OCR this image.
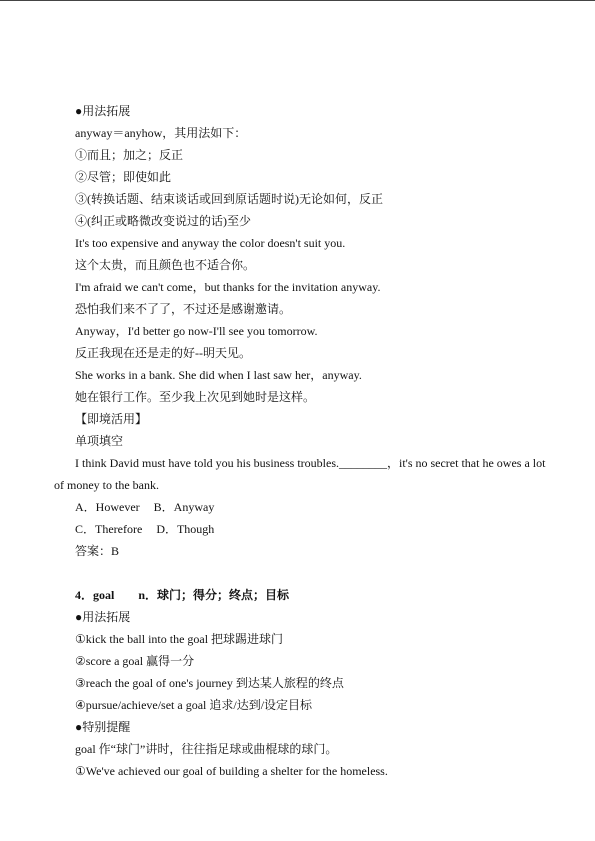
●用法拓展
anyway＝anyhow，其用法如下：
①而且；加之；反正
②尽管；即使如此
③(转换话题、结束谈话或回到原话题时说)无论如何，反正
④(纠正或略微改变说过的话)至少
It's too expensive and anyway the color doesn't suit you.
这个太贵，而且颜色也不适合你。
I'm afraid we can't come，but thanks for the invitation anyway.
恐怕我们来不了了，不过还是感谢邀请。
Anyway，I'd better go now-I'll see you tomorrow.
反正我现在还是走的好--明天见。
She works in a bank. She did when I last saw her，anyway.
她在银行工作。至少我上次见到她时是这样。
【即境活用】
单项填空
I think David must have told you his business troubles.________，it's no secret that he owes a lot of money to the bank.
A．However B．Anyway
C．Therefore D．Though
答案：B
4．goal n．球门；得分；终点；目标
●用法拓展
①kick the ball into the goal 把球踢进球门
②score a goal 赢得一分
③reach the goal of one's journey 到达某人旅程的终点
④pursue/achieve/set a goal 追求/达到/设定目标
●特别提醒
goal 作“球门”讲时，往往指足球或曲棍球的球门。
①We've achieved our goal of building a shelter for the homeless.
